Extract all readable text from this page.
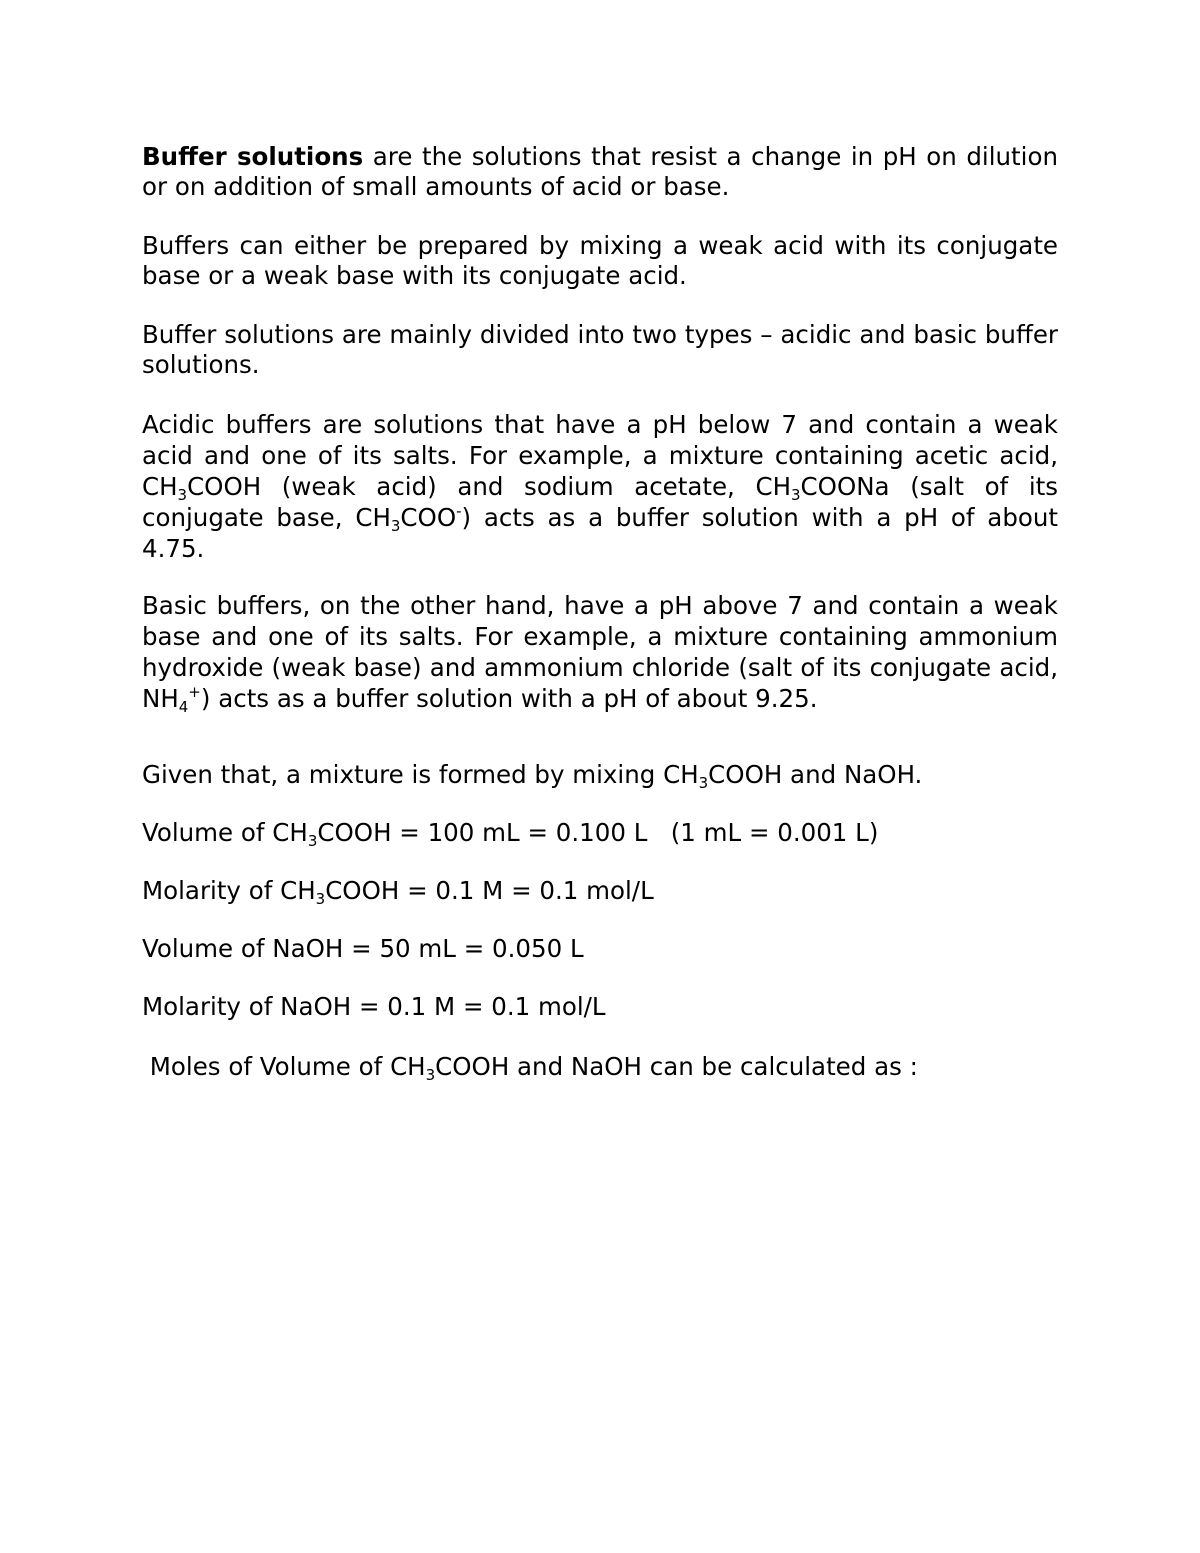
Buffer solutions are the solutions that resist a change in pH on dilution or on addition of small amounts of acid or base.

Buffers can either be prepared by mixing a weak acid with its conjugate base or a weak base with its conjugate acid.

Buffer solutions are mainly divided into two types – acidic and basic buffer solutions.

Acidic buffers are solutions that have a pH below 7 and contain a weak acid and one of its salts. For example, a mixture containing acetic acid, $CH_3COOH$ (weak acid) and sodium acetate, $CH_3COONa$ (salt of its conjugate base, $CH_3COO^-$) acts as a buffer solution with a pH of about 4.75.

Basic buffers, on the other hand, have a pH above 7 and contain a weak base and one of its salts. For example, a mixture containing ammonium hydroxide (weak base) and ammonium chloride (salt of its conjugate acid, $NH_4^+$) acts as a buffer solution with a pH of about 9.25.

Given that, a mixture is formed by mixing $CH_3COOH$ and NaOH.

Volume of $CH_3COOH = 100$ mL = 0.100 L   (1 mL = 0.001 L)

Molarity of $CH_3COOH = 0.1$ M = 0.1 mol/L

Volume of NaOH = 50 mL = 0.050 L

Molarity of NaOH = 0.1 M = 0.1 mol/L

Moles of Volume of $CH_3COOH$ and NaOH can be calculated as :
